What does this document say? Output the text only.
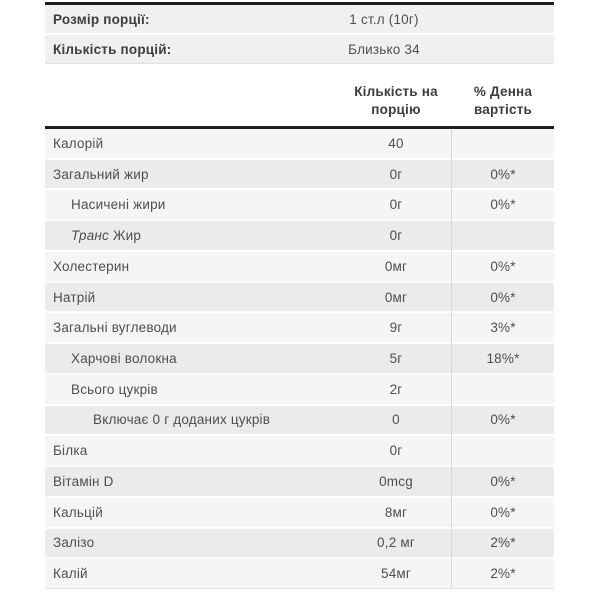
Розмір порції:	1 ст.л (10г)
Кількість порцій:	Близько 34
Кількість на
порцію
% Денна
вартість
Калорій	40
Загальний жир	0г	0%*
Насичені жири	0г	0%*
Транс Жир	0г
Холестерин	0мг	0%*
Натрій	0мг	0%*
Загальні вуглеводи	9г	3%*
Харчові волокна	5г	18%*
Всього цукрів	2г
Включає 0 г доданих цукрів	0	0%*
Білка	0г
Вітамін D	0mcg	0%*
Кальцій	8мг	0%*
Залізо	0,2 мг	2%*
Калій	54мг	2%*
